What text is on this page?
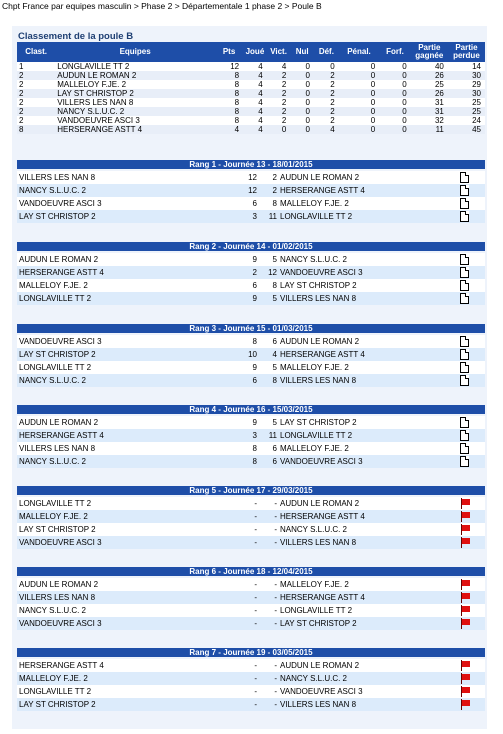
Chpt France par equipes masculin > Phase 2 > Départementale 1 phase 2 > Poule B
Classement de la poule B
Clast.	Equipes	Pts	Joué	Vict.	Nul	Déf.	Pénal.	Forf.	Partie gagnée	Partie perdue
1	LONGLAVILLE TT 2	12	4	4	0	0	0	0	40	14
2	AUDUN LE ROMAN 2	8	4	2	0	2	0	0	26	30
2	MALLELOY F.JE. 2	8	4	2	0	2	0	0	25	29
2	LAY ST CHRISTOP 2	8	4	2	0	2	0	0	26	30
2	VILLERS LES NAN 8	8	4	2	0	2	0	0	31	25
2	NANCY S.L.U.C. 2	8	4	2	0	2	0	0	31	25
2	VANDOEUVRE ASCI 3	8	4	2	0	2	0	0	32	24
8	HERSERANGE ASTT 4	4	4	0	0	4	0	0	11	45
Rang 1 - Journée 13 - 18/01/2015
VILLERS LES NAN 8	12	2	AUDUN LE ROMAN 2	
NANCY S.L.U.C. 2	12	2	HERSERANGE ASTT 4	
VANDOEUVRE ASCI 3	6	8	MALLELOY F.JE. 2	
LAY ST CHRISTOP 2	3	11	LONGLAVILLE TT 2	
Rang 2 - Journée 14 - 01/02/2015
AUDUN LE ROMAN 2	9	5	NANCY S.L.U.C. 2	
HERSERANGE ASTT 4	2	12	VANDOEUVRE ASCI 3	
MALLELOY F.JE. 2	6	8	LAY ST CHRISTOP 2	
LONGLAVILLE TT 2	9	5	VILLERS LES NAN 8	
Rang 3 - Journée 15 - 01/03/2015
VANDOEUVRE ASCI 3	8	6	AUDUN LE ROMAN 2	
LAY ST CHRISTOP 2	10	4	HERSERANGE ASTT 4	
LONGLAVILLE TT 2	9	5	MALLELOY F.JE. 2	
NANCY S.L.U.C. 2	6	8	VILLERS LES NAN 8	
Rang 4 - Journée 16 - 15/03/2015
AUDUN LE ROMAN 2	9	5	LAY ST CHRISTOP 2	
HERSERANGE ASTT 4	3	11	LONGLAVILLE TT 2	
VILLERS LES NAN 8	8	6	MALLELOY F.JE. 2	
NANCY S.L.U.C. 2	8	6	VANDOEUVRE ASCI 3	
Rang 5 - Journée 17 - 29/03/2015
LONGLAVILLE TT 2	-	-	AUDUN LE ROMAN 2	

MALLELOY F.JE. 2	-	-	HERSERANGE ASTT 4	

LAY ST CHRISTOP 2	-	-	NANCY S.L.U.C. 2	

VANDOEUVRE ASCI 3	-	-	VILLERS LES NAN 8	
Rang 6 - Journée 18 - 12/04/2015
AUDUN LE ROMAN 2	-	-	MALLELOY F.JE. 2	

VILLERS LES NAN 8	-	-	HERSERANGE ASTT 4	

NANCY S.L.U.C. 2	-	-	LONGLAVILLE TT 2	

VANDOEUVRE ASCI 3	-	-	LAY ST CHRISTOP 2	
Rang 7 - Journée 19 - 03/05/2015
HERSERANGE ASTT 4	-	-	AUDUN LE ROMAN 2	

MALLELOY F.JE. 2	-	-	NANCY S.L.U.C. 2	

LONGLAVILLE TT 2	-	-	VANDOEUVRE ASCI 3	

LAY ST CHRISTOP 2	-	-	VILLERS LES NAN 8	
